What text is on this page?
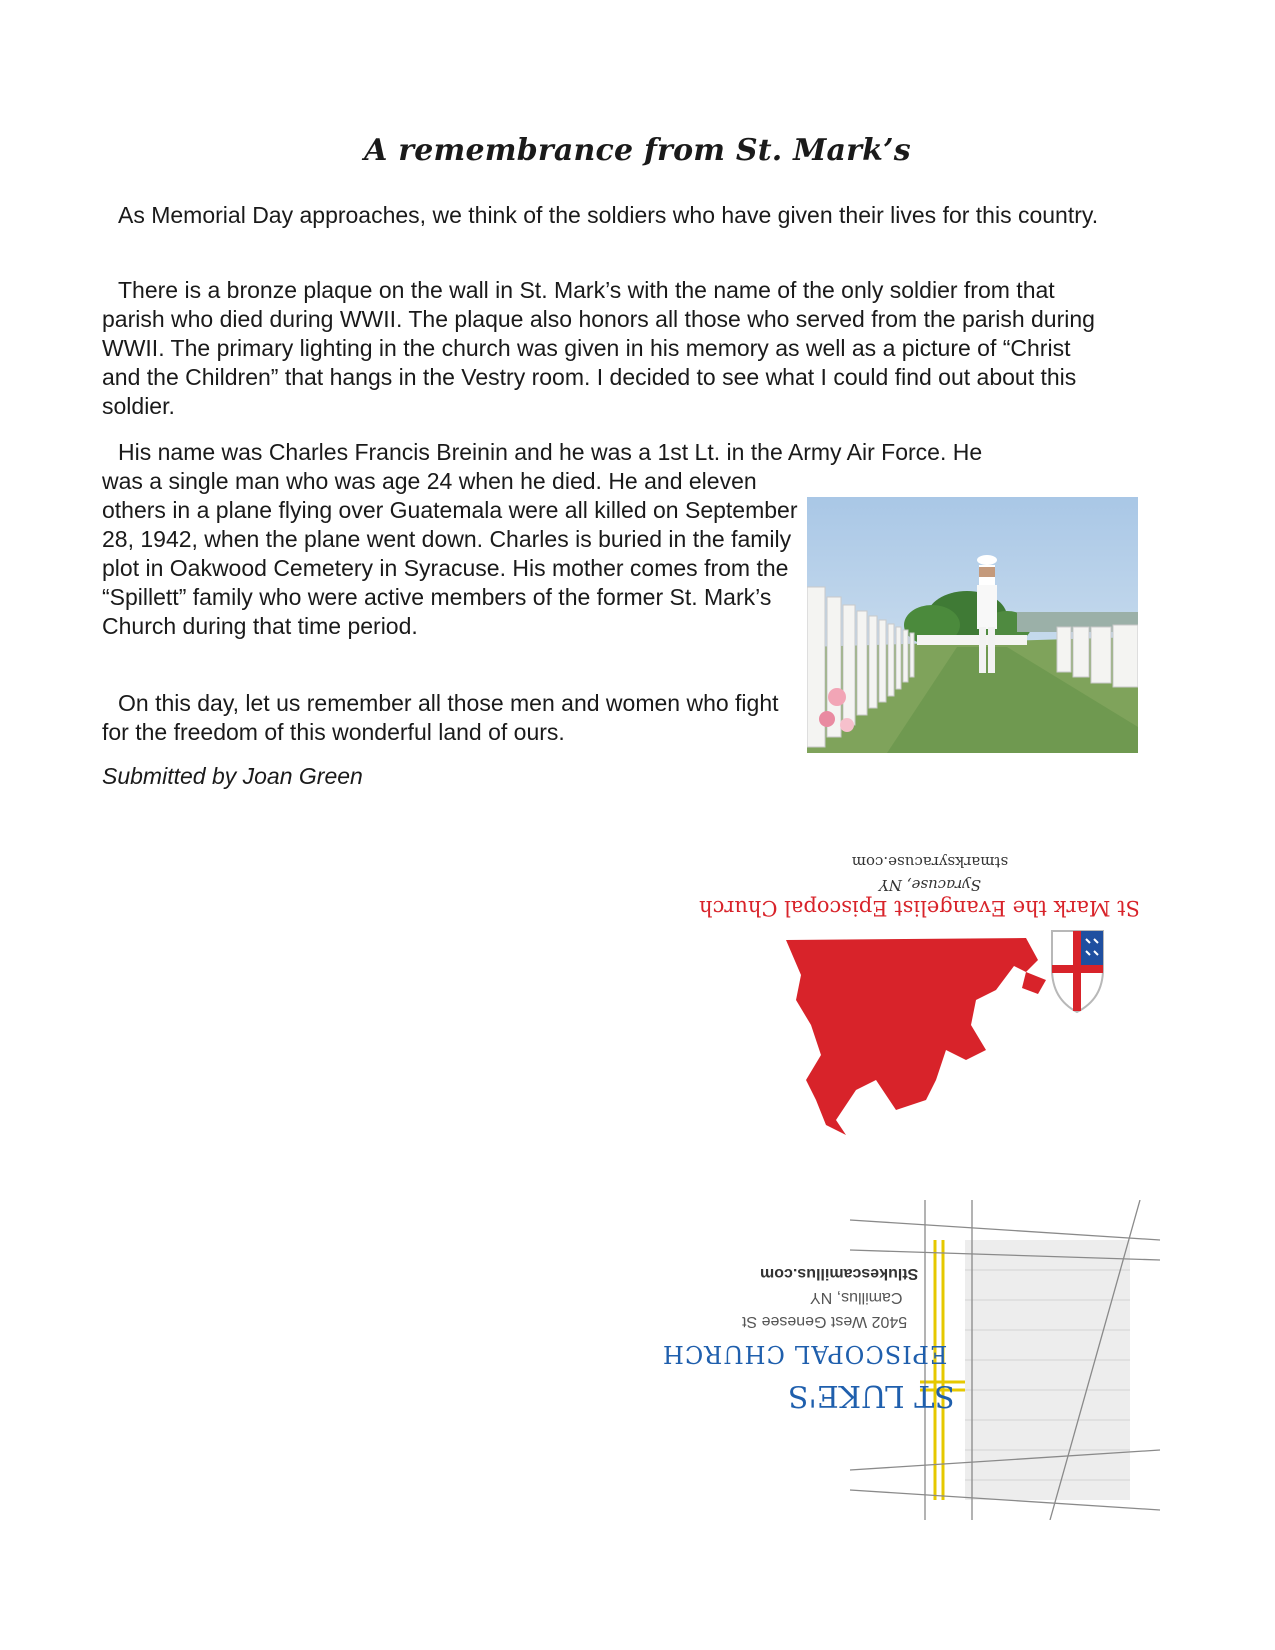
A remembrance from St. Mark’s

As Memorial Day approaches, we think of the soldiers who have given their lives for this country.

There is a bronze plaque on the wall in St. Mark’s with the name of the only soldier from that parish who died during WWII. The plaque also honors all those who served from the parish during WWII. The primary lighting in the church was given in his memory as well as a picture of “Christ and the Children” that hangs in the Vestry room. I decided to see what I could find out about this soldier.

His name was Charles Francis Breinin and he was a 1st Lt. in the Army Air Force. He

was a single man who was age 24 when he died. He and eleven others in a plane flying over Guatemala were all killed on September 28, 1942, when the plane went down. Charles is buried in the family plot in Oakwood Cemetery in Syracuse. His mother comes from the “Spillett” family who were active members of the former St. Mark’s Church during that time period.

On this day, let us remember all those men and women who fight for the freedom of this wonderful land of ours.

Submitted by Joan Green

St Mark the Evangelist Episcopal Church
Syracuse, NY
stmarksyracuse.com
ST LUKE'S
EPISCOPAL CHURCH
5402 West Genesee St
Camillus, NY
Stlukescamillus.com
